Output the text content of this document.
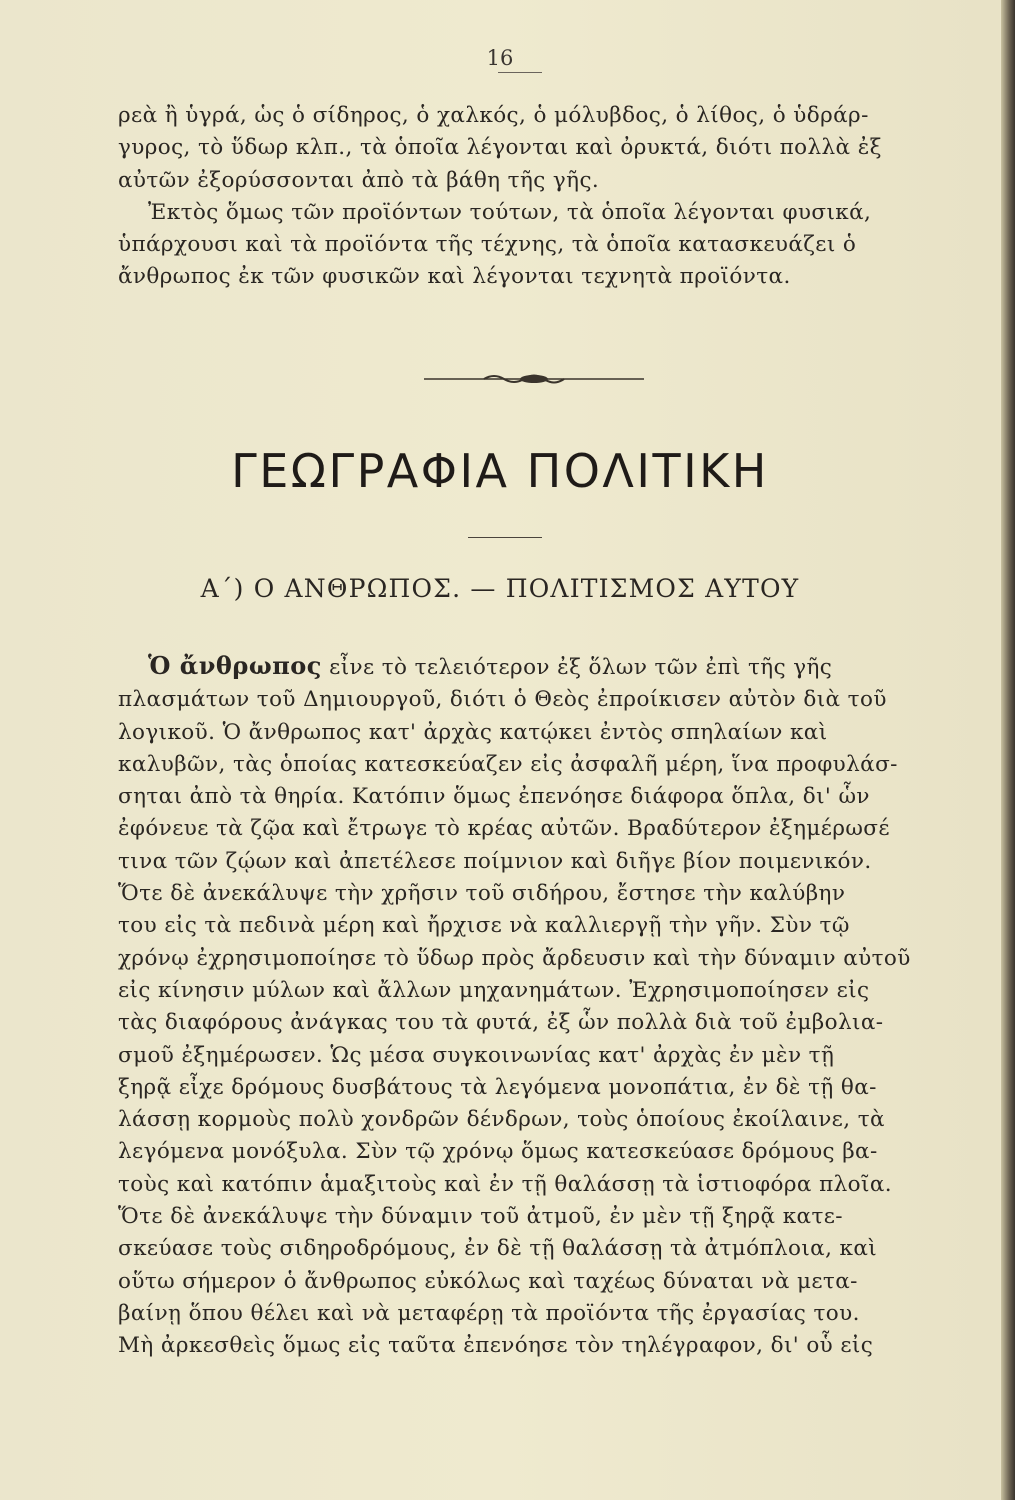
16
ρεὰ ἢ ὑγρά, ὡς ὁ σίδηρος, ὁ χαλκός, ὁ μόλυβδος, ὁ λίθος, ὁ ὑδράρ-
γυρος, τὸ ὕδωρ κλπ., τὰ ὁποῖα λέγονται καὶ ὀρυκτά, διότι πολλὰ ἐξ
αὐτῶν ἐξορύσσονται ἀπὸ τὰ βάθη τῆς γῆς.
Ἐκτὸς ὅμως τῶν προϊόντων τούτων, τὰ ὁποῖα λέγονται φυσικά,
ὑπάρχουσι καὶ τὰ προϊόντα τῆς τέχνης, τὰ ὁποῖα κατασκευάζει ὁ
ἄνθρωπος ἐκ τῶν φυσικῶν καὶ λέγονται τεχνητὰ προϊόντα.
ΓΕΩΓΡΑΦΙΑ ΠΟΛΙΤΙΚΗ
Α΄) Ο ΑΝΘΡΩΠΟΣ. — ΠΟΛΙΤΙΣΜΟΣ ΑΥΤΟΥ
Ὁ ἄνθρωπος εἶνε τὸ τελειότερον ἐξ ὅλων τῶν ἐπὶ τῆς γῆς
πλασμάτων τοῦ Δημιουργοῦ, διότι ὁ Θεὸς ἐπροίκισεν αὐτὸν διὰ τοῦ
λογικοῦ. Ὁ ἄνθρωπος κατ' ἀρχὰς κατῴκει ἐντὸς σπηλαίων καὶ
καλυβῶν, τὰς ὁποίας κατεσκεύαζεν εἰς ἀσφαλῆ μέρη, ἵνα προφυλάσ-
σηται ἀπὸ τὰ θηρία. Κατόπιν ὅμως ἐπενόησε διάφορα ὅπλα, δι' ὧν
ἐφόνευε τὰ ζῷα καὶ ἔτρωγε τὸ κρέας αὐτῶν. Βραδύτερον ἐξημέρωσέ
τινα τῶν ζῴων καὶ ἀπετέλεσε ποίμνιον καὶ διῆγε βίον ποιμενικόν.
Ὅτε δὲ ἀνεκάλυψε τὴν χρῆσιν τοῦ σιδήρου, ἔστησε τὴν καλύβην
του εἰς τὰ πεδινὰ μέρη καὶ ἤρχισε νὰ καλλιεργῇ τὴν γῆν. Σὺν τῷ
χρόνῳ ἐχρησιμοποίησε τὸ ὕδωρ πρὸς ἄρδευσιν καὶ τὴν δύναμιν αὐτοῦ
εἰς κίνησιν μύλων καὶ ἄλλων μηχανημάτων. Ἐχρησιμοποίησεν εἰς
τὰς διαφόρους ἀνάγκας του τὰ φυτά, ἐξ ὧν πολλὰ διὰ τοῦ ἐμβολια-
σμοῦ ἐξημέρωσεν. Ὡς μέσα συγκοινωνίας κατ' ἀρχὰς ἐν μὲν τῇ
ξηρᾷ εἶχε δρόμους δυσβάτους τὰ λεγόμενα μονοπάτια, ἐν δὲ τῇ θα-
λάσσῃ κορμοὺς πολὺ χονδρῶν δένδρων, τοὺς ὁποίους ἐκοίλαινε, τὰ
λεγόμενα μονόξυλα. Σὺν τῷ χρόνῳ ὅμως κατεσκεύασε δρόμους βα-
τοὺς καὶ κατόπιν ἁμαξιτοὺς καὶ ἐν τῇ θαλάσσῃ τὰ ἱστιοφόρα πλοῖα.
Ὅτε δὲ ἀνεκάλυψε τὴν δύναμιν τοῦ ἀτμοῦ, ἐν μὲν τῇ ξηρᾷ κατε-
σκεύασε τοὺς σιδηροδρόμους, ἐν δὲ τῇ θαλάσσῃ τὰ ἀτμόπλοια, καὶ
οὕτω σήμερον ὁ ἄνθρωπος εὐκόλως καὶ ταχέως δύναται νὰ μετα-
βαίνῃ ὅπου θέλει καὶ νὰ μεταφέρῃ τὰ προϊόντα τῆς ἐργασίας του.
Μὴ ἀρκεσθεὶς ὅμως εἰς ταῦτα ἐπενόησε τὸν τηλέγραφον, δι' οὗ εἰς
